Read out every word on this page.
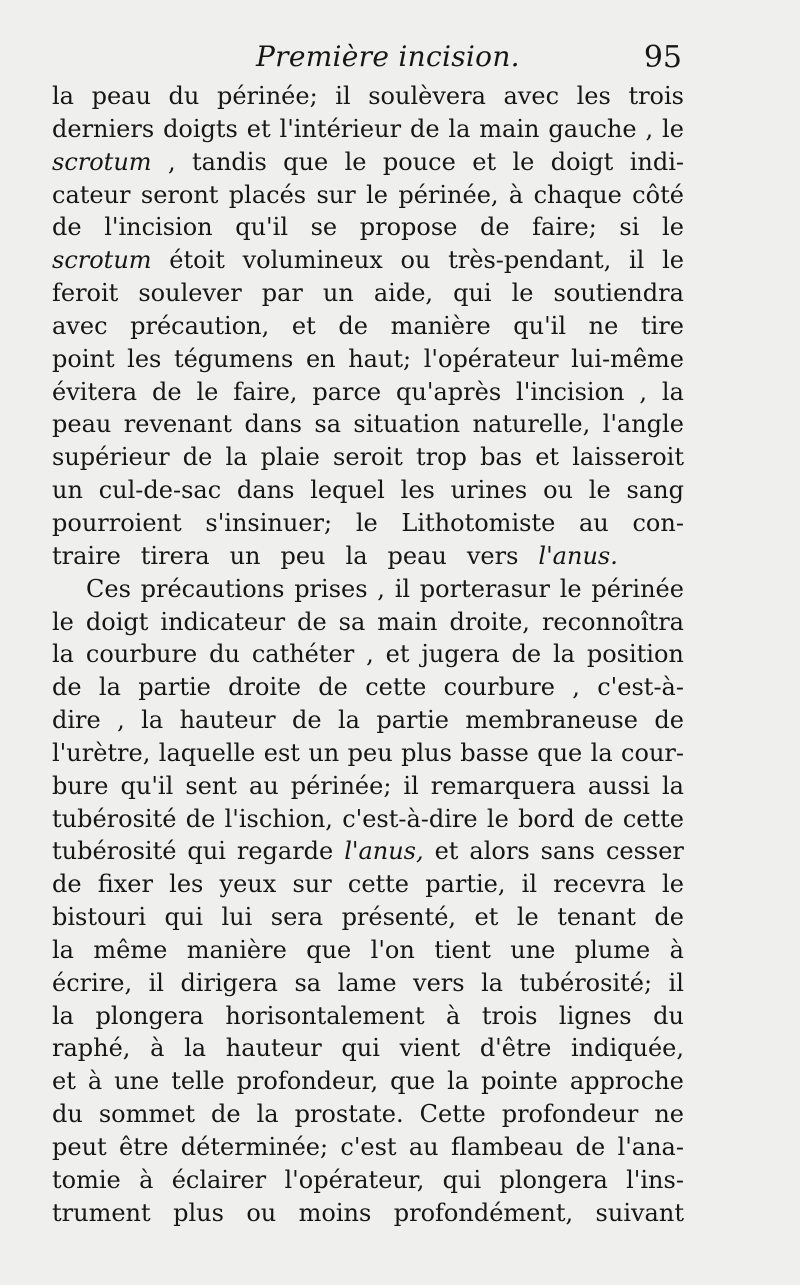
Première incision.	95
la peau du périnée; il soulèvera avec les trois
derniers doigts et l'intérieur de la main gauche , le
scrotum , tandis que le pouce et le doigt indi-
cateur seront placés sur le périnée, à chaque côté
de l'incision qu'il se propose de faire; si le
scrotum étoit volumineux ou très-pendant, il le
feroit soulever par un aide, qui le soutiendra
avec précaution, et de manière qu'il ne tire
point les tégumens en haut; l'opérateur lui-même
évitera de le faire, parce qu'après l'incision , la
peau revenant dans sa situation naturelle, l'angle
supérieur de la plaie seroit trop bas et laisseroit
un cul-de-sac dans lequel les urines ou le sang
pourroient s'insinuer; le Lithotomiste au con-
traire tirera un peu la peau vers l'anus.
Ces précautions prises , il porterasur le périnée
le doigt indicateur de sa main droite, reconnoîtra
la courbure du cathéter , et jugera de la position
de la partie droite de cette courbure , c'est-à-
dire , la hauteur de la partie membraneuse de
l'urètre, laquelle est un peu plus basse que la cour-
bure qu'il sent au périnée; il remarquera aussi la
tubérosité de l'ischion, c'est-à-dire le bord de cette
tubérosité qui regarde l'anus, et alors sans cesser
de fixer les yeux sur cette partie, il recevra le
bistouri qui lui sera présenté, et le tenant de
la même manière que l'on tient une plume à
écrire, il dirigera sa lame vers la tubérosité; il
la plongera horisontalement à trois lignes du
raphé, à la hauteur qui vient d'être indiquée,
et à une telle profondeur, que la pointe approche
du sommet de la prostate. Cette profondeur ne
peut être déterminée; c'est au flambeau de l'ana-
tomie à éclairer l'opérateur, qui plongera l'ins-
trument plus ou moins profondément, suivant
